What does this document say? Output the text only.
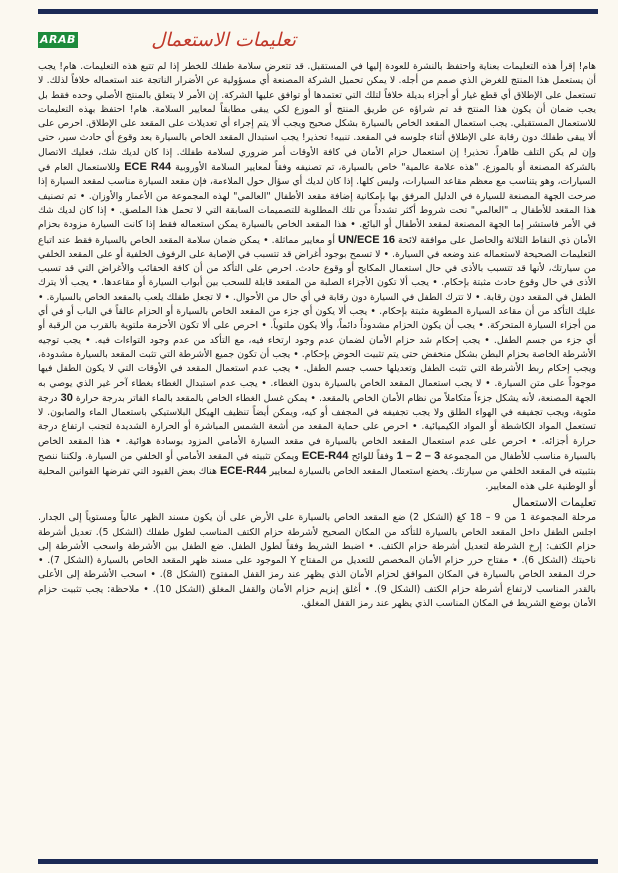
ARAB	تعليمات الاستعمال

هام! إقرأ هذه التعليمات بعناية واحتفظ بالنشرة للعودة إليها في المستقبل. قد تتعرض سلامة طفلك للخطر إذا لم تتبع هذه التعليمات. هام! يجب أن يستعمل هذا المنتج للغرض الذي صمم من أجله. لا يمكن تحميل الشركة المصنعة أي مسؤولية عن الأضرار الناتجة عند استعماله خلافاً لذلك. لا تستعمل على الإطلاق أي قطع غيار أو أجزاء بديلة خلافاً لتلك التي تعتمدها أو توافق عليها الشركة. إن الأمر لا يتعلق بالمنتج الأصلي وحده فقط بل يجب ضمان أن يكون هذا المنتج قد تم شراؤه عن طريق المنتج أو الموزع لكي يبقى مطابقاً لمعايير السلامة. هام! احتفظ بهذه التعليمات للاستعمال المستقبلي. يجب استعمال المقعد الخاص بالسيارة بشكل صحيح ويجب ألا يتم إجراء أي تعديلات على المقعد على الإطلاق. احرص على ألا يبقى طفلك دون رقابة على الإطلاق أثناء جلوسه في المقعد. تنبيه! تحذير! يجب استبدال المقعد الخاص بالسيارة بعد وقوع أي حادث سير، حتى وإن لم يكن التلف ظاهراً. تحذير! إن استعمال حزام الأمان في كافة الأوقات أمر ضروري لسلامة طفلك. إذا كان لديك شك، فعليك الاتصال بالشركة المصنعة أو بالموزع. "هذه علامة عالمية" خاص بالسيارة، تم تصنيفه وفقاً لمعايير السلامة الأوروبية ECE R44 وللاستعمال العام في السيارات، وهو يتناسب مع معظم مقاعد السيارات، وليس كلها. إذا كان لديك أي سؤال حول الملاءمة، فإن مقعد السيارة مناسب لمقعد السيارة إذا صرحت الجهة المصنعة للسيارة في الدليل المرفق بها بإمكانية إضافة مقعد الأطفال "العالمي" لهذه المجموعة من الأعمار والأوزان. • تم تصنيف هذا المقعد للأطفال بـ "العالمي" تحت شروط أكثر تشدداً من تلك المطلوبة للتصميمات السابقة التي لا تحمل هذا الملصق. • إذا كان لديك شك في الأمر فاستشر إما الجهة المصنعة لمقعد الأطفال أو البائع. • هذا المقعد الخاص بالسيارة يمكن استعماله فقط إذا كانت السيارة مزودة بحزام الأمان ذي النقاط الثلاثة والحاصل على موافقة لائحة UN/ECE 16 أو معايير مماثلة. • يمكن ضمان سلامة المقعد الخاص بالسيارة فقط عند اتباع التعليمات الصحيحة لاستعماله عند وضعه في السيارة. • لا تسمح بوجود أغراض قد تتسبب في الإصابة على الرفوف الخلفية أو على المقعد الخلفي من سيارتك، لأنها قد تتسبب بالأذى في حال استعمال المكابح أو وقوع حادث. احرص على التأكد من أن كافة الحقائب والأغراض التي قد تسبب الأذى في حال وقوع حادث مثبتة بإحكام. • يجب ألا تكون الأجزاء الصلبة من المقعد قابلة للسحب بين أبواب السيارة أو مقاعدها. • يجب ألا يترك الطفل في المقعد دون رقابة. • لا تترك الطفل في السيارة دون رقابة في أي حال من الأحوال. • لا تجعل طفلك يلعب بالمقعد الخاص بالسيارة. • عليك التأكد من أن مقاعد السيارة المطوية مثبتة بإحكام. • يجب ألا يكون أي جزء من المقعد الخاص بالسيارة أو الحزام عالقاً في الباب أو في أي من أجزاء السيارة المتحركة. • يجب أن يكون الحزام مشدوداً دائماً، وألا يكون ملتوياً. • احرص على ألا تكون الأحزمة ملتوية بالقرب من الرقبة أو أي جزء من جسم الطفل. • يجب إحكام شد حزام الأمان لضمان عدم وجود ارتخاء فيه، مع التأكد من عدم وجود التواءات فيه. • يجب توجيه الأشرطة الخاصة بحزام البطن بشكل منخفض حتى يتم تثبيت الحوض بإحكام. • يجب أن تكون جميع الأشرطة التي تثبت المقعد بالسيارة مشدودة، ويجب إحكام ربط الأشرطة التي تثبت الطفل وتعديلها حسب جسم الطفل. • يجب عدم استعمال المقعد في الأوقات التي لا يكون الطفل فيها موجوداً على متن السيارة. • لا يجب استعمال المقعد الخاص بالسيارة بدون الغطاء. • يجب عدم استبدال الغطاء بغطاء آخر غير الذي يوصي به الجهة المصنعة، لأنه يشكل جزءاً متكاملاً من نظام الأمان الخاص بالمقعد. • يمكن غسل الغطاء الخاص بالمقعد بالماء الفاتر بدرجة حرارة 30 درجة مئوية، ويجب تجفيفه في الهواء الطلق ولا يجب تجفيفه في المجفف أو كيه، ويمكن أيضاً تنظيف الهيكل البلاستيكي باستعمال الماء والصابون. لا تستعمل المواد الكاشطة أو المواد الكيميائية. • احرص على حماية المقعد من أشعة الشمس المباشرة أو الحرارة الشديدة لتجنب ارتفاع درجة حرارة أجزائه. • احرص على عدم استعمال المقعد الخاص بالسيارة في مقعد السيارة الأمامي المزود بوسادة هوائية. • هذا المقعد الخاص بالسيارة مناسب للأطفال من المجموعة 1 – 2 – 3 وفقاً للوائح ECE-R44 ويمكن تثبيته في المقعد الأمامي أو الخلفي من السيارة. ولكننا ننصح بتثبيته في المقعد الخلفي من سيارتك. يخضع استعمال المقعد الخاص بالسيارة لمعايير ECE-R44 هناك بعض القيود التي تفرضها القوانين المحلية أو الوطنية على هذه المعايير.

تعليمات الاستعمال

مرحلة المجموعة 1 من 9 – 18 كغ (الشكل 2) ضع المقعد الخاص بالسيارة على الأرض على أن يكون مسند الظهر عالياً ومستوياً إلى الجدار. اجلس الطفل داخل المقعد الخاص بالسيارة للتأكد من المكان الصحيح لأشرطة حزام الكتف المناسب لطول طفلك (الشكل 5). تعديل أشرطة حزام الكتف: إرخ الشرطة لتعديل أشرطة حزام الكتف. • اضبط الشريط وفقاً لطول الطفل. ضع الطفل بين الأشرطة واسحب الأشرطة إلى ناحيتك (الشكل 6). • مفتاح حرر حزام الأمان المخصص للتعديل من المفتاح Y الموجود على مسند ظهر المقعد الخاص بالسيارة (الشكل 7). • حرك المقعد الخاص بالسيارة في المكان الموافق لحزام الأمان الذي يظهر عند رمز القفل المفتوح (الشكل 8). • اسحب الأشرطة إلى الأعلى بالقدر المناسب لارتفاع أشرطة حزام الكتف (الشكل 9). • أغلق إبزيم حزام الأمان والقفل المغلق (الشكل 10). • ملاحظة: يجب تثبيت حزام الأمان بوضع الشريط في المكان المناسب الذي يظهر عند رمز القفل المغلق.
